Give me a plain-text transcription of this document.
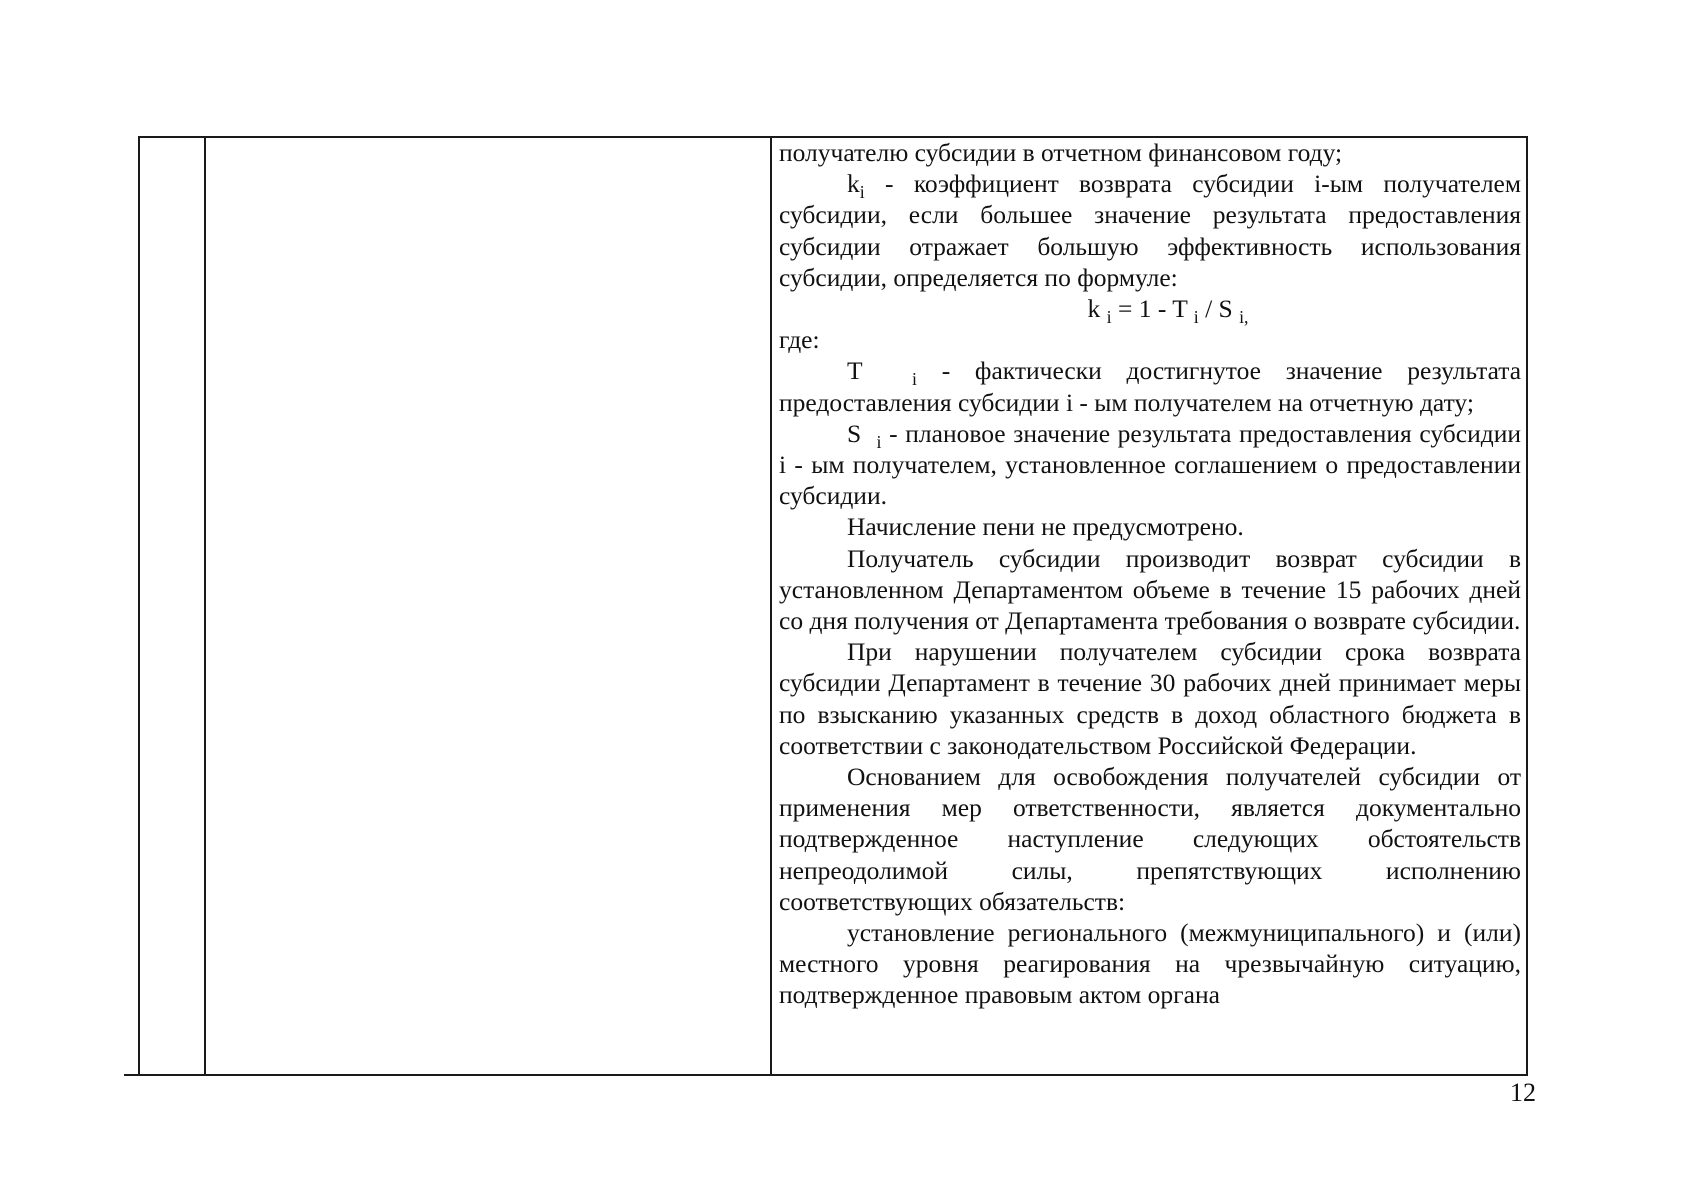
получателю субсидии в отчетном финансовом году;

$k_i$ - коэффициент возврата субсидии i-ым получателем субсидии, если большее значение результата предоставления субсидии отражает большую эффективность использования субсидии, определяется по формуле:

k $_i$ = 1 - T $_i$ / S $_{i,}$

где:

T	$_i$ - фактически достигнутое значение результата предоставления субсидии i - ым получателем на отчетную дату;

S $_i$ - плановое значение результата предоставления субсидии i - ым получателем, установленное соглашением о предоставлении субсидии.

Начисление пени не предусмотрено.

Получатель субсидии производит возврат субсидии в установленном Департаментом объеме в течение 15 рабочих дней со дня получения от Департамента требования о возврате субсидии.

При нарушении получателем субсидии срока возврата субсидии Департамент в течение 30 рабочих дней принимает меры по взысканию указанных средств в доход областного бюджета в соответствии с законодательством Российской Федерации.

Основанием для освобождения получателей субсидии от применения мер ответственности, является документально подтвержденное наступление следующих обстоятельств непреодолимой силы, препятствующих исполнению соответствующих обязательств:

установление регионального (межмуниципального) и (или) местного уровня реагирования на чрезвычайную ситуацию, подтвержденное правовым актом органа

12
